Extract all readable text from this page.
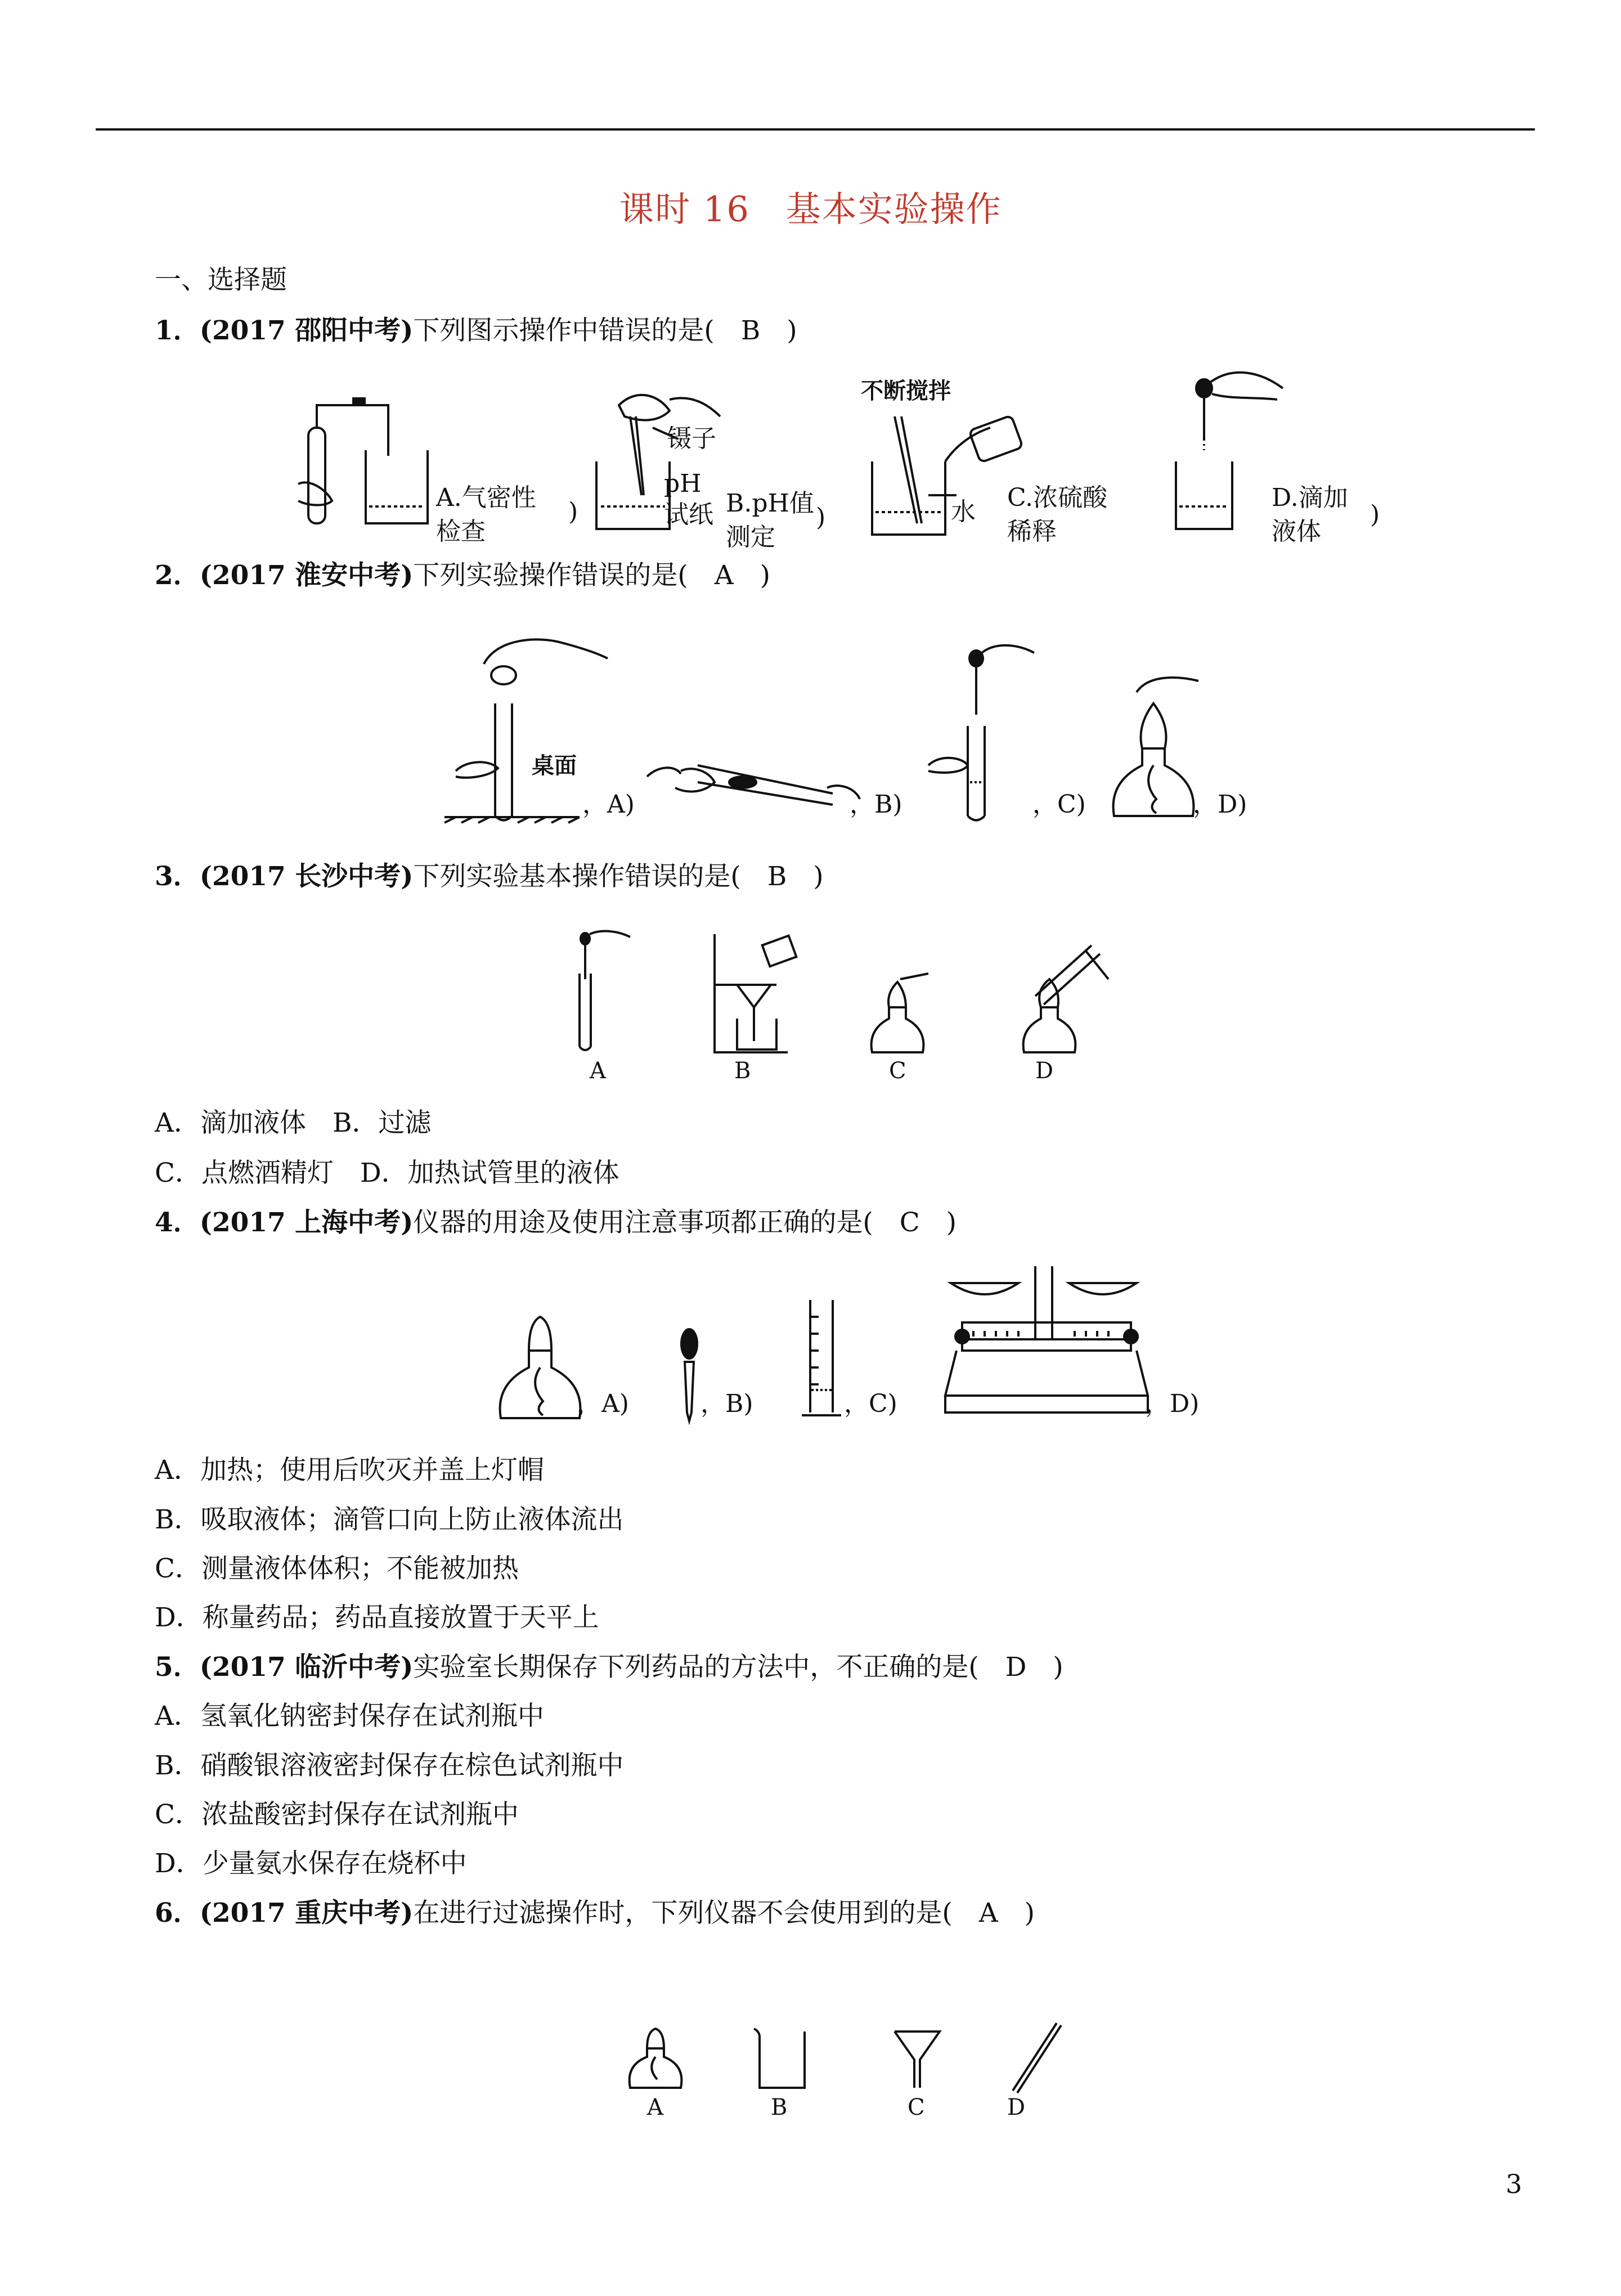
课时 16　基本实验操作
一、选择题
1．(2017 邵阳中考)下列图示操作中错误的是(　B　)
A.气密性
检查
)
镊子
pH
试纸 B.pH值
测定
)
不断搅拌
水 C.浓硫酸
稀释
D.滴加
液体
)
2．(2017 淮安中考)下列实验操作错误的是(　A　)
桌面
，A)	，B)	，C)	，D)
3．(2017 长沙中考)下列实验基本操作错误的是(　B　)
A	B	C	D
A．滴加液体　B．过滤
C．点燃酒精灯　D．加热试管里的液体
4．(2017 上海中考)仪器的用途及使用注意事项都正确的是(　C　)
，A)	，B)	，C)	，D)
A．加热；使用后吹灭并盖上灯帽
B．吸取液体；滴管口向上防止液体流出
C．测量液体体积；不能被加热
D．称量药品；药品直接放置于天平上
5．(2017 临沂中考)实验室长期保存下列药品的方法中，不正确的是(　D　)
A．氢氧化钠密封保存在试剂瓶中
B．硝酸银溶液密封保存在棕色试剂瓶中
C．浓盐酸密封保存在试剂瓶中
D．少量氨水保存在烧杯中
6．(2017 重庆中考)在进行过滤操作时，下列仪器不会使用到的是(　A　)
A	B	C	D
3
